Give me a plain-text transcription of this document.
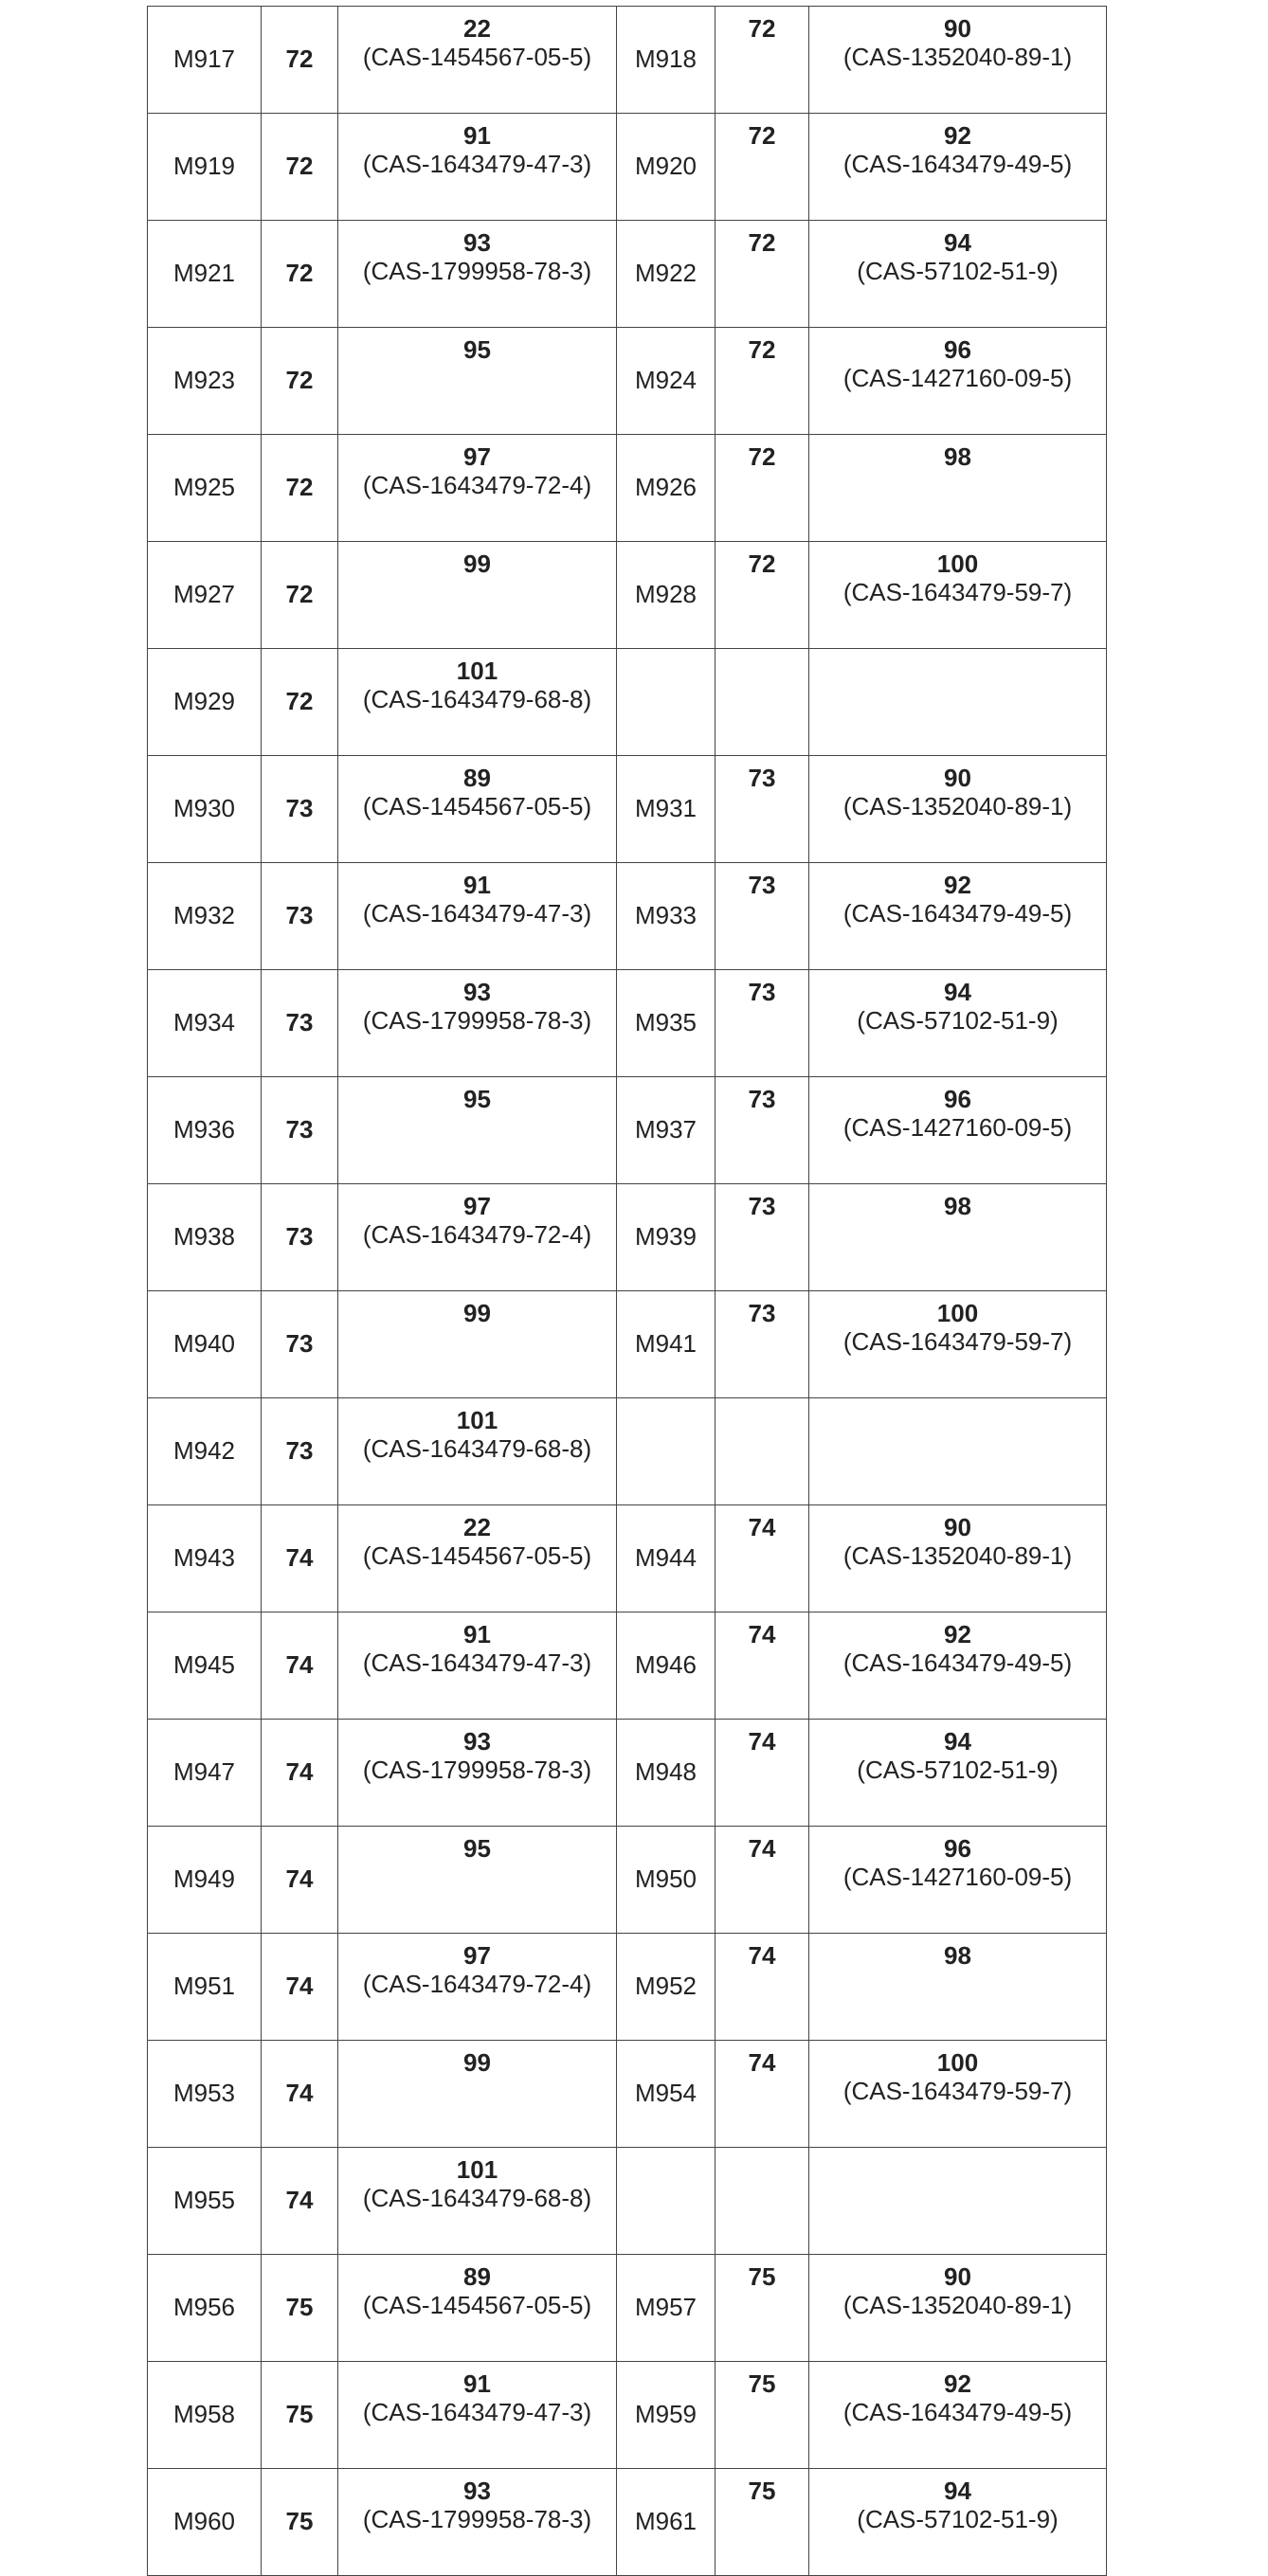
M917	72	
22
(CAS-1454567-05-5)	M918	72	90
(CAS-1352040-89-1)

M919	72	
91
(CAS-1643479-47-3)	M920	72	92
(CAS-1643479-49-5)

M921	72	
93
(CAS-1799958-78-3)	M922	72	94
(CAS-57102-51-9)

M923	72	
95
	M924	72	96
(CAS-1427160-09-5)

M925	72	
97
(CAS-1643479-72-4)	M926	72	98

M927	72	
99
	M928	72	100
(CAS-1643479-59-7)

M929	72	
101
(CAS-1643479-68-8)

M930	73	
89
(CAS-1454567-05-5)	M931	73	90
(CAS-1352040-89-1)

M932	73	
91
(CAS-1643479-47-3)	M933	73	92
(CAS-1643479-49-5)

M934	73	
93
(CAS-1799958-78-3)	M935	73	94
(CAS-57102-51-9)

M936	73	
95
	M937	73	96
(CAS-1427160-09-5)

M938	73	
97
(CAS-1643479-72-4)	M939	73	98

M940	73	
99
	M941	73	100
(CAS-1643479-59-7)

M942	73	
101
(CAS-1643479-68-8)

M943	74	
22
(CAS-1454567-05-5)	M944	74	90
(CAS-1352040-89-1)

M945	74	
91
(CAS-1643479-47-3)	M946	74	92
(CAS-1643479-49-5)

M947	74	
93
(CAS-1799958-78-3)	M948	74	94
(CAS-57102-51-9)

M949	74	
95
	M950	74	96
(CAS-1427160-09-5)

M951	74	
97
(CAS-1643479-72-4)	M952	74	98

M953	74	
99
	M954	74	100
(CAS-1643479-59-7)

M955	74	
101
(CAS-1643479-68-8)

M956	75	
89
(CAS-1454567-05-5)	M957	75	90
(CAS-1352040-89-1)

M958	75	
91
(CAS-1643479-47-3)	M959	75	92
(CAS-1643479-49-5)

M960	75	
93
(CAS-1799958-78-3)	M961	75	94
(CAS-57102-51-9)
